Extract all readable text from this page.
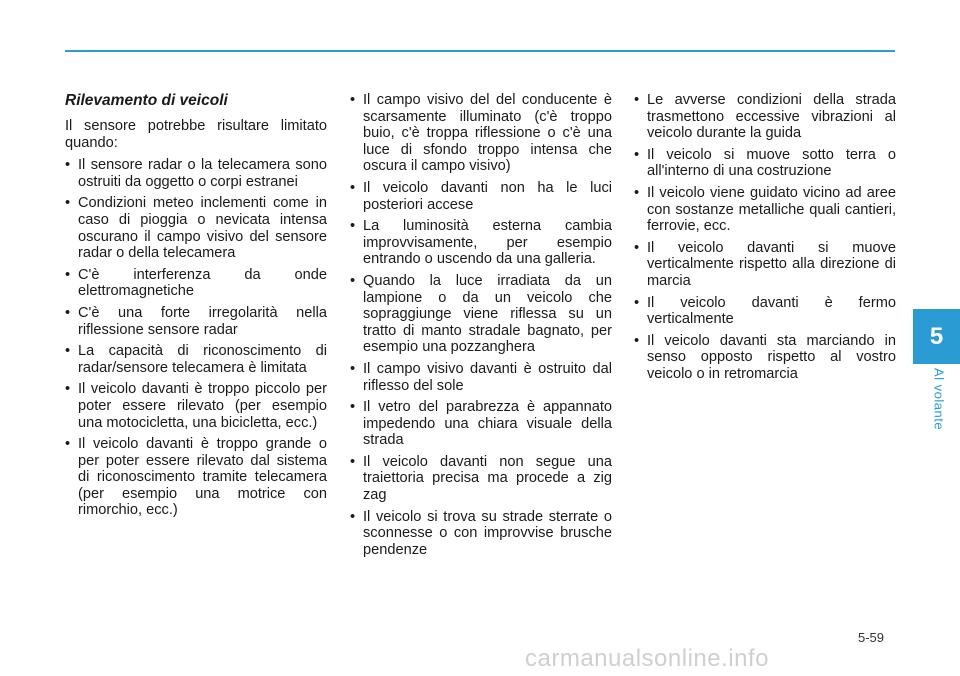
Rilevamento di veicoli

Il sensore potrebbe risultare limitato quando:

• Il sensore radar o la telecamera sono ostruiti da oggetto o corpi estranei
• Condizioni meteo inclementi come in caso di pioggia o nevicata intensa oscurano il campo visivo del sensore radar o della telecamera
• C'è interferenza da onde elettromagnetiche
• C'è una forte irregolarità nella riflessione sensore radar
• La capacità di riconoscimento di radar/sensore telecamera è limitata
• Il veicolo davanti è troppo piccolo per poter essere rilevato (per esempio una motocicletta, una bicicletta, ecc.)
• Il veicolo davanti è troppo grande o per poter essere rilevato dal sistema di riconoscimento tramite telecamera (per esempio una motrice con rimorchio, ecc.)
• Il campo visivo del del conducente è scarsamente illuminato (c'è troppo buio, c'è troppa riflessione o c'è una luce di sfondo troppo intensa che oscura il campo visivo)
• Il veicolo davanti non ha le luci posteriori accese
• La luminosità esterna cambia improvvisamente, per esempio entrando o uscendo da una galleria.
• Quando la luce irradiata da un lampione o da un veicolo che sopraggiunge viene riflessa su un tratto di manto stradale bagnato, per esempio una pozzanghera
• Il campo visivo davanti è ostruito dal riflesso del sole
• Il vetro del parabrezza è appannato impedendo una chiara visuale della strada
• Il veicolo davanti non segue una traiettoria precisa ma procede a zig zag
• Il veicolo si trova su strade sterrate o sconnesse o con improvvise brusche pendenze
• Le avverse condizioni della strada trasmettono eccessive vibrazioni al veicolo durante la guida
• Il veicolo si muove sotto terra o all'interno di una costruzione
• Il veicolo viene guidato vicino ad aree con sostanze metalliche quali cantieri, ferrovie, ecc.
• Il veicolo davanti si muove verticalmente rispetto alla direzione di marcia
• Il veicolo davanti è fermo verticalmente
• Il veicolo davanti sta marciando in senso opposto rispetto al vostro veicolo o in retromarcia
5
Al volante
5-59
carmanualsonline.info
